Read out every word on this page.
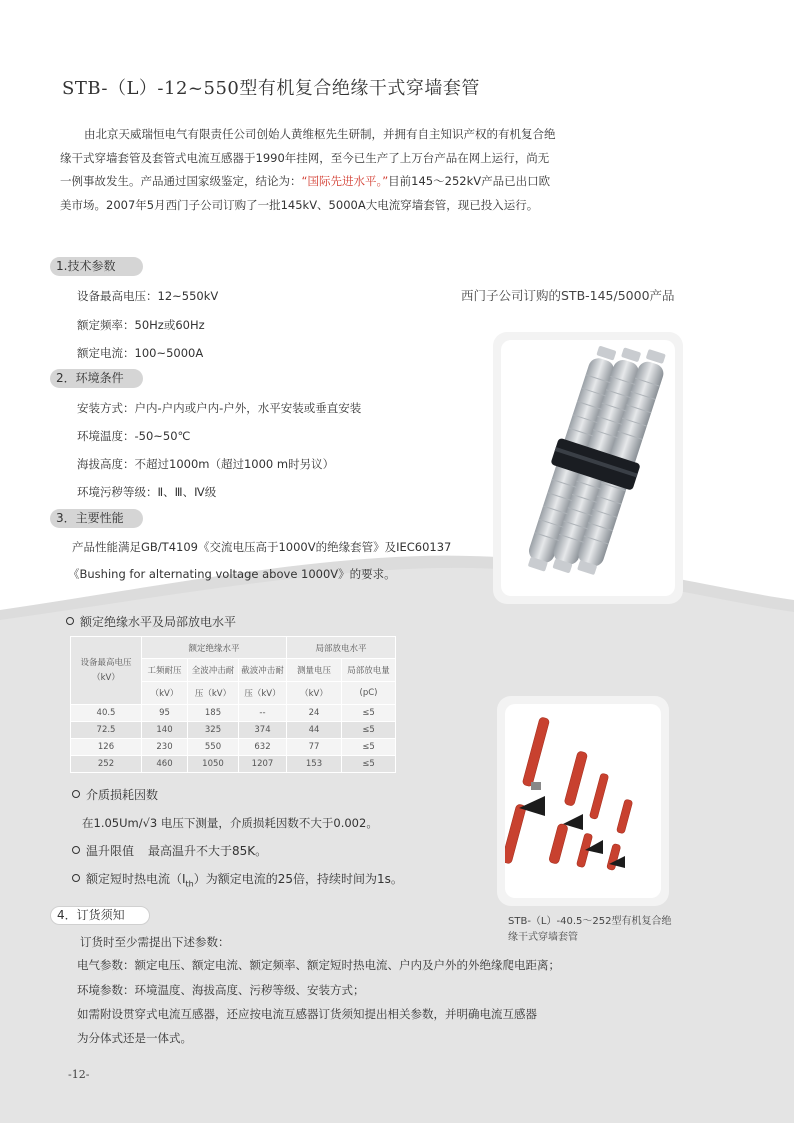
STB-（L）-12~550型有机复合绝缘干式穿墙套管
由北京天威瑞恒电气有限责任公司创始人黄维枢先生研制，并拥有自主知识产权的有机复合绝缘干式穿墙套管及套管式电流互感器于1990年挂网，至今已生产了上万台产品在网上运行，尚无一例事故发生。产品通过国家级鉴定，结论为：“国际先进水平。”目前145～252kV产品已出口欧美市场。2007年5月西门子公司订购了一批145kV、5000A大电流穿墙套管，现已投入运行。
1.技术参数
设备最高电压：12~550kV
额定频率：50Hz或60Hz
额定电流：100~5000A
2．环境条件
安装方式：户内-户内或户内-户外，水平安装或垂直安装
环境温度：-50~50℃
海拔高度：不超过1000m（超过1000 m时另议）
环境污秽等级：Ⅱ、Ⅲ、Ⅳ级
3．主要性能
产品性能满足GB/T4109《交流电压高于1000V的绝缘套管》及IEC60137
《Bushing for alternating voltage above 1000V》的要求。
西门子公司订购的STB-145/5000产品
额定绝缘水平及局部放电水平
设备最高电压
（kV）	额定绝缘水平			局部放电水平	
	工频耐压	全波冲击耐	截波冲击耐	测量电压	局部放电量
	（kV）	压（kV）	压（kV）	（kV）	(pC)
40.5	95	185	--	24	≤5
72.5	140	325	374	44	≤5
126	230	550	632	77	≤5
252	460	1050	1207	153	≤5
STB-（L）-40.5～252型有机复合绝缘干式穿墙套管
介质损耗因数
在1.05Um/√3 电压下测量，介质损耗因数不大于0.002。
温升限值 最高温升不大于85K。
额定短时热电流$(I_{th})$为额定电流的25倍，持续时间为1s。
4．订货须知
订货时至少需提出下述参数：
电气参数：额定电压、额定电流、额定频率、额定短时热电流、户内及户外的外绝缘爬电距离；
环境参数：环境温度、海拔高度、污秽等级、安装方式；
如需附设贯穿式电流互感器，还应按电流互感器订货须知提出相关参数，并明确电流互感器
为分体式还是一体式。
-12-
